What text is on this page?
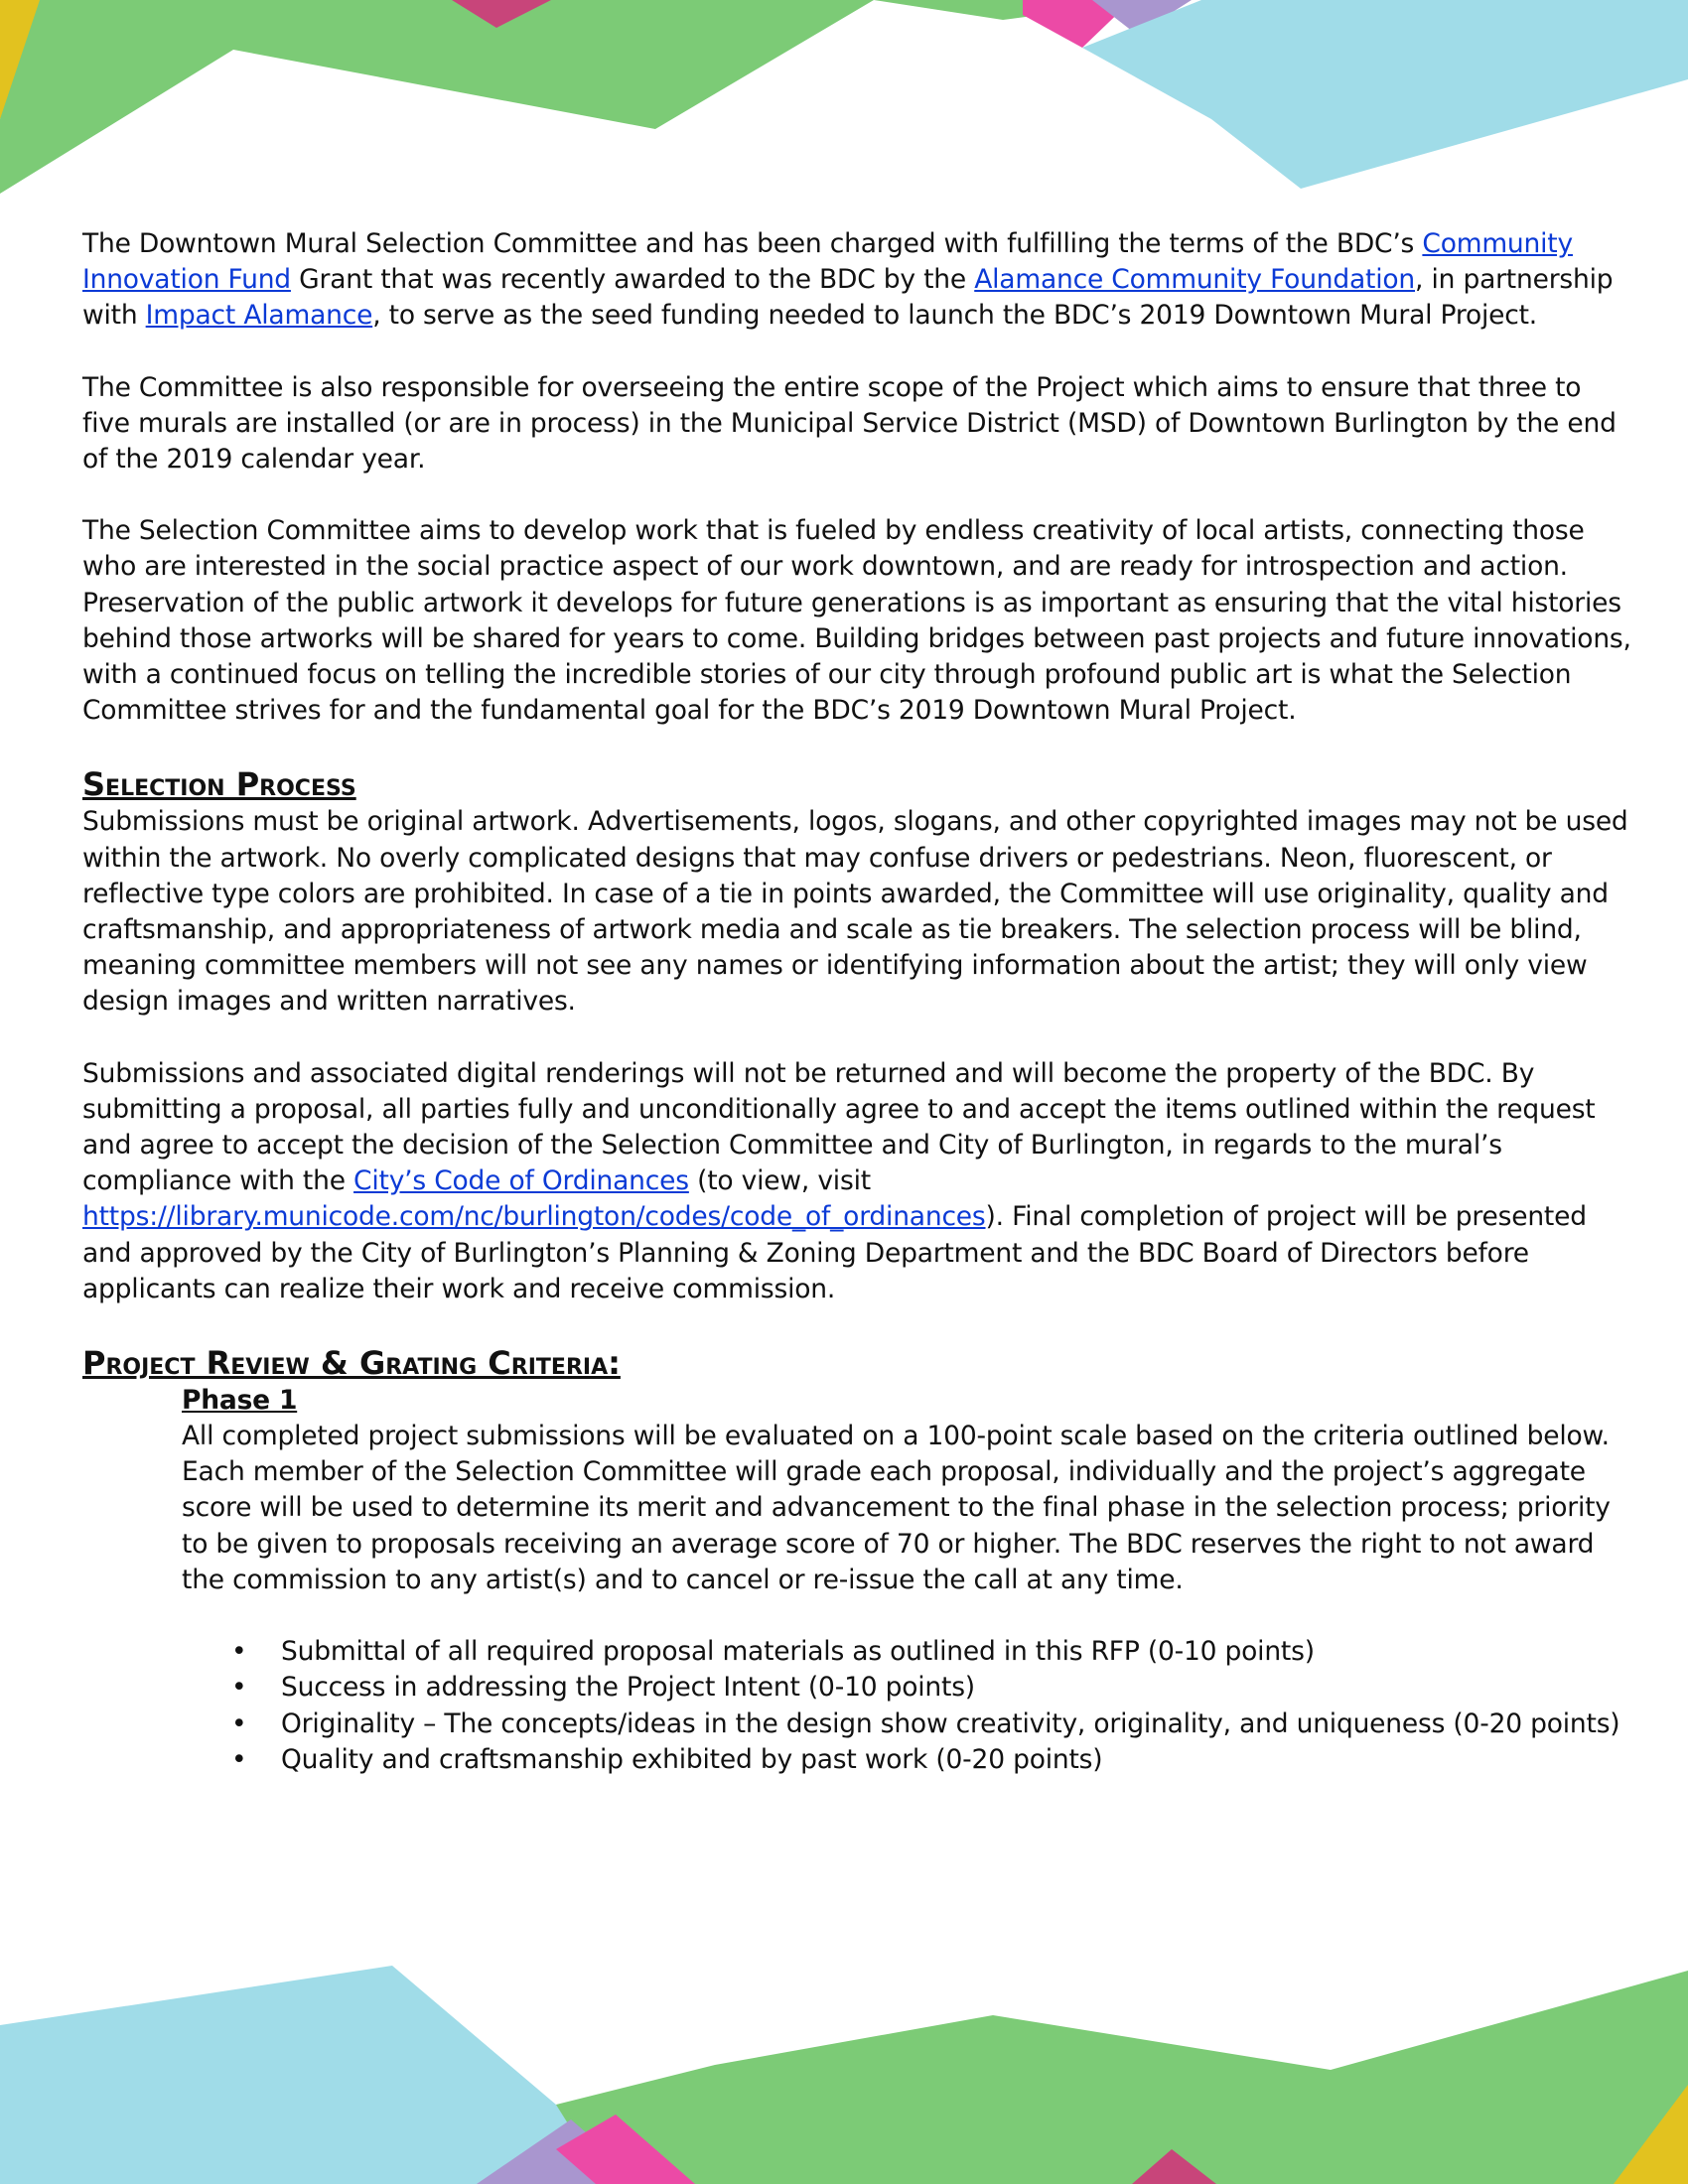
The Downtown Mural Selection Committee and has been charged with fulfilling the terms of the BDC’s Community Innovation Fund Grant that was recently awarded to the BDC by the Alamance Community Foundation, in partnership with Impact Alamance, to serve as the seed funding needed to launch the BDC’s 2019 Downtown Mural Project.

The Committee is also responsible for overseeing the entire scope of the Project which aims to ensure that three to five murals are installed (or are in process) in the Municipal Service District (MSD) of Downtown Burlington by the end of the 2019 calendar year.

The Selection Committee aims to develop work that is fueled by endless creativity of local artists, connecting those who are interested in the social practice aspect of our work downtown, and are ready for introspection and action. Preservation of the public artwork it develops for future generations is as important as ensuring that the vital histories behind those artworks will be shared for years to come. Building bridges between past projects and future innovations, with a continued focus on telling the incredible stories of our city through profound public art is what the Selection Committee strives for and the fundamental goal for the BDC’s 2019 Downtown Mural Project.

Selection Process

Submissions must be original artwork. Advertisements, logos, slogans, and other copyrighted images may not be used within the artwork. No overly complicated designs that may confuse drivers or pedestrians. Neon, fluorescent, or reflective type colors are prohibited. In case of a tie in points awarded, the Committee will use originality, quality and craftsmanship, and appropriateness of artwork media and scale as tie breakers. The selection process will be blind, meaning committee members will not see any names or identifying information about the artist; they will only view design images and written narratives.

Submissions and associated digital renderings will not be returned and will become the property of the BDC. By submitting a proposal, all parties fully and unconditionally agree to and accept the items outlined within the request and agree to accept the decision of the Selection Committee and City of Burlington, in regards to the mural’s compliance with the City’s Code of Ordinances (to view, visit https://library.municode.com/nc/burlington/codes/code_of_ordinances). Final completion of project will be presented and approved by the City of Burlington’s Planning & Zoning Department and the BDC Board of Directors before applicants can realize their work and receive commission.

Project Review & Grating Criteria:
Phase 1

All completed project submissions will be evaluated on a 100-point scale based on the criteria outlined below. Each member of the Selection Committee will grade each proposal, individually and the project’s aggregate score will be used to determine its merit and advancement to the final phase in the selection process; priority to be given to proposals receiving an average score of 70 or higher. The BDC reserves the right to not award the commission to any artist(s) and to cancel or re-issue the call at any time.

• Submittal of all required proposal materials as outlined in this RFP (0-10 points)
• Success in addressing the Project Intent (0-10 points)
• Originality – The concepts/ideas in the design show creativity, originality, and uniqueness (0-20 points)
• Quality and craftsmanship exhibited by past work (0-20 points)
